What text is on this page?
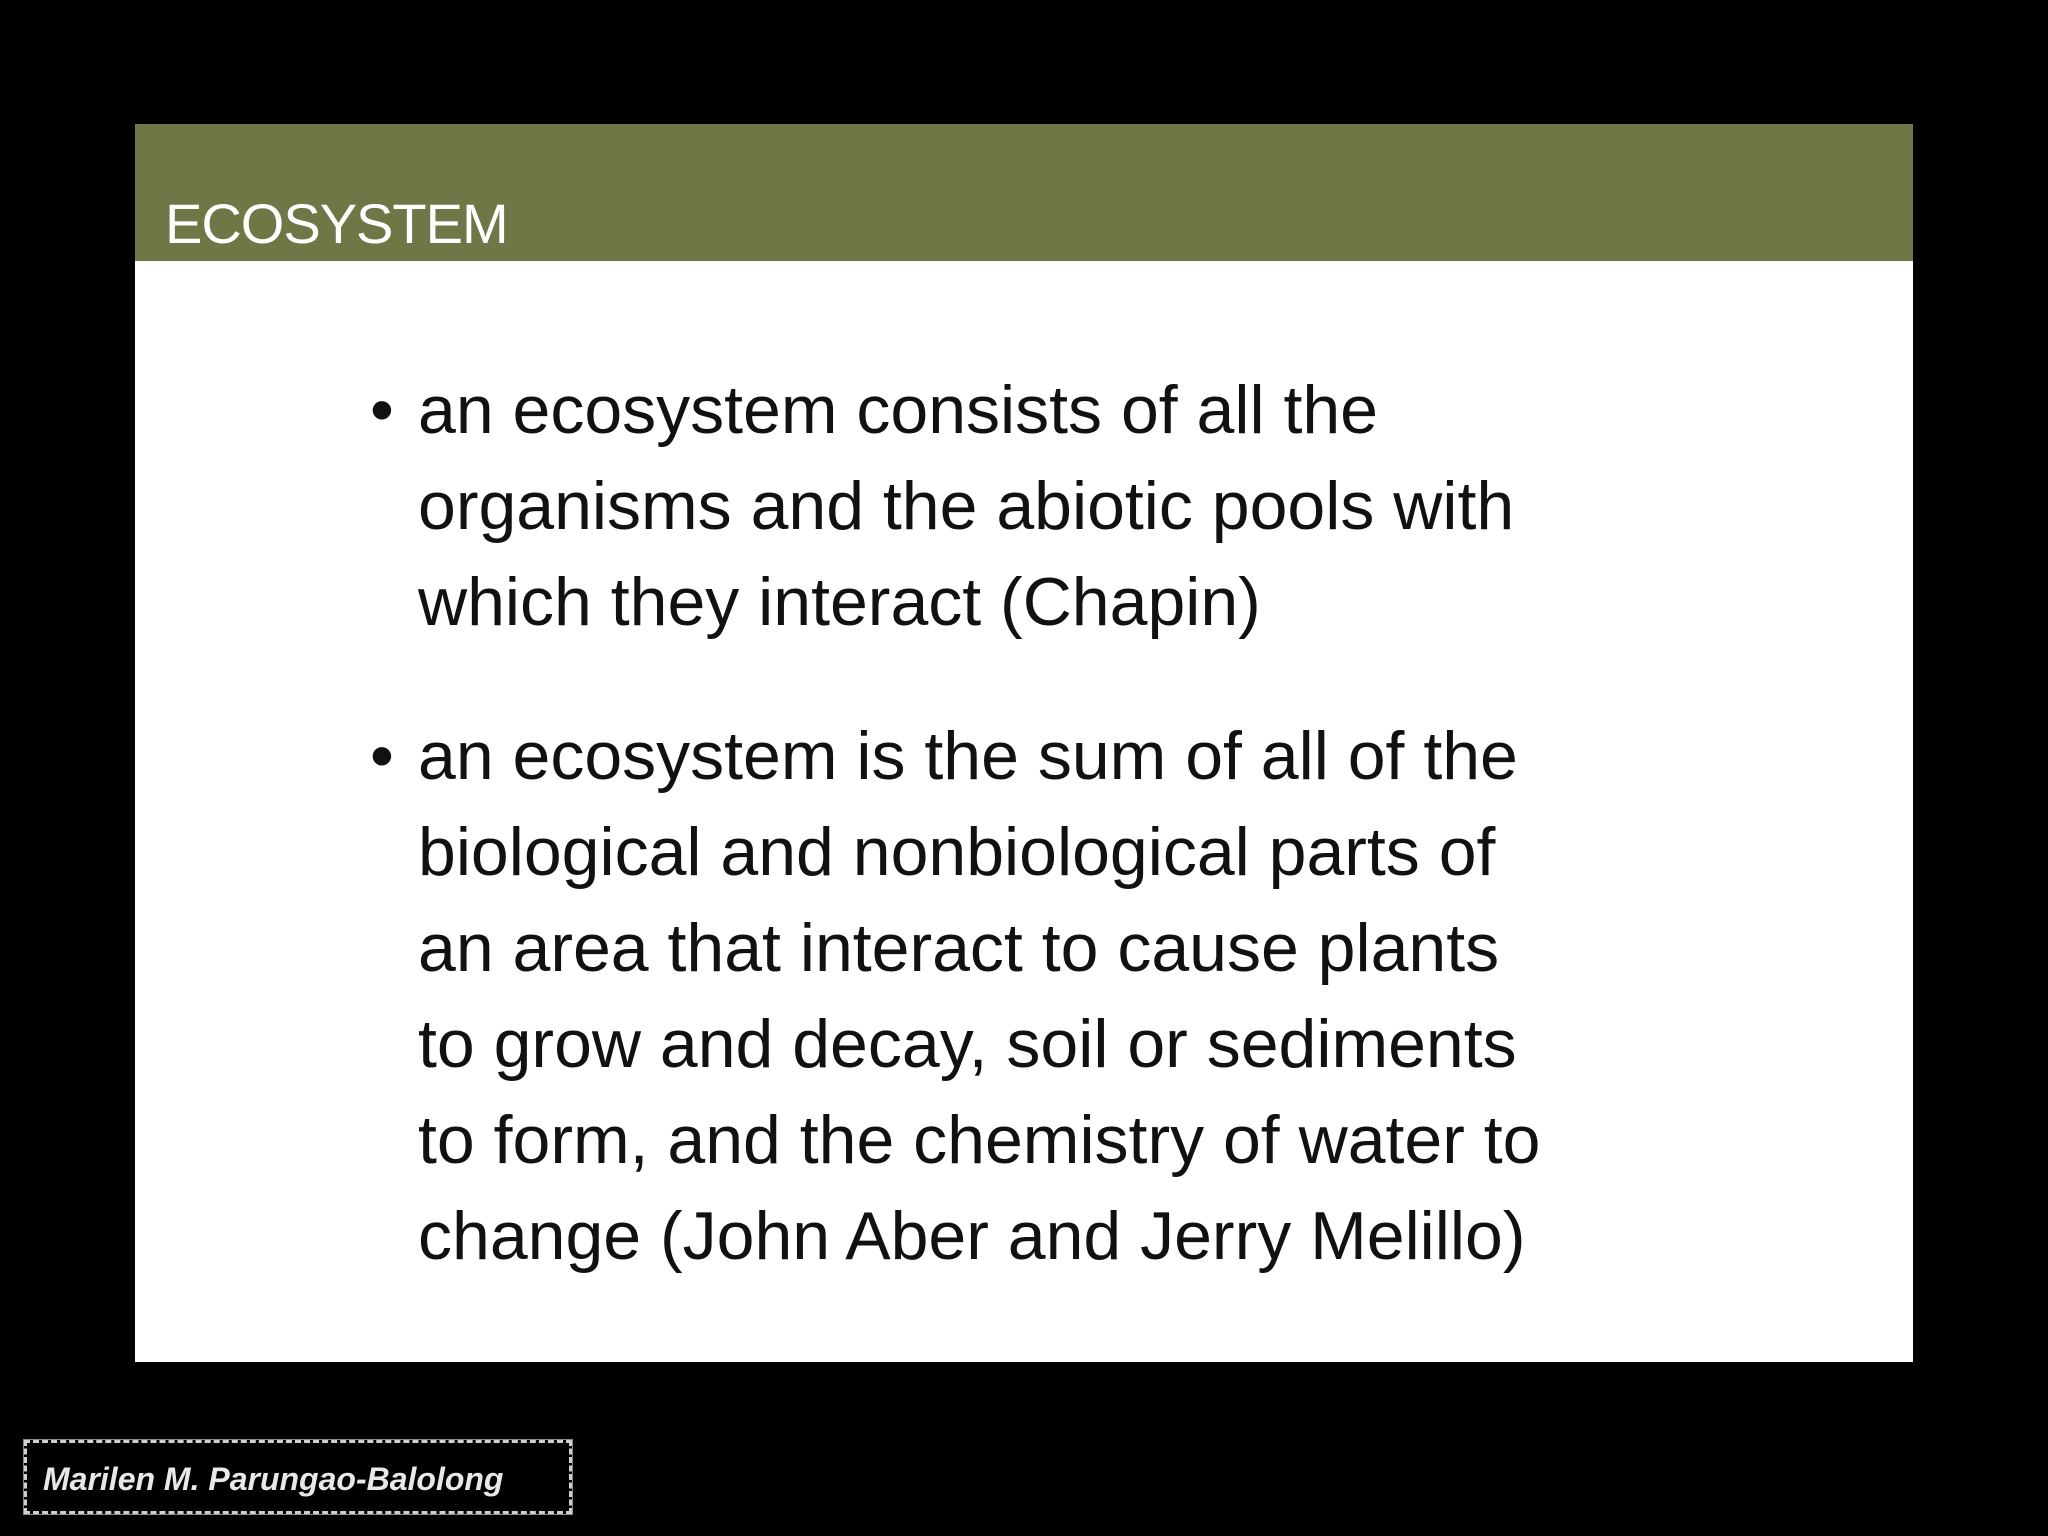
ECOSYSTEM
• an ecosystem consists of all the
organisms and the abiotic pools with
which they interact (Chapin)
• an ecosystem is the sum of all of the
biological and nonbiological parts of
an area that interact to cause plants
to grow and decay, soil or sediments
to form, and the chemistry of water to
change (John Aber and Jerry Melillo)
Marilen M. Parungao-Balolong
